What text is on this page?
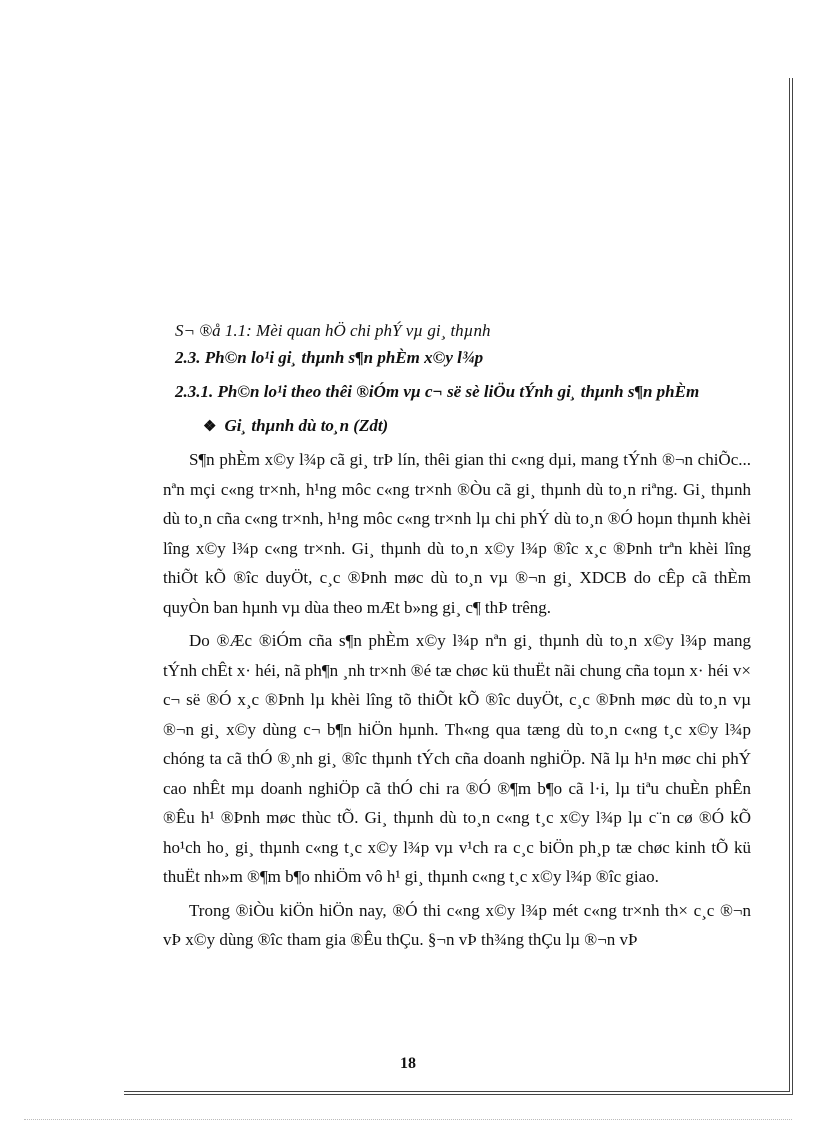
S¬ ®å 1.1: Mèi quan hÖ chi phÝ vµ gi¸ thµnh

2.3. Ph©n lo¹i gi¸ thµnh s¶n phÈm x©y l¾p

2.3.1. Ph©n lo¹i theo thêi ®iÓm vµ c¬ së sè liÖu tÝnh gi¸ thµnh s¶n phÈm

❖ Gi¸ thµnh dù to¸n (Zdt)

S¶n phÈm x©y l¾p cã gi¸ trÞ lín, thêi gian thi c«ng dµi, mang tÝnh ®¬n chiÕc... nªn mçi c«ng tr×nh, h¹ng môc c«ng tr×nh ®Òu cã gi¸ thµnh dù to¸n riªng. Gi¸ thµnh dù to¸n cña c«ng tr×nh, h¹ng môc c«ng tr×nh lµ chi phÝ dù to¸n ®Ó hoµn thµnh khèi lîng x©y l¾p c«ng tr×nh. Gi¸ thµnh dù to¸n x©y l¾p ®îc x¸c ®Þnh trªn khèi lîng thiÕt kÕ ®îc duyÖt, c¸c ®Þnh møc dù to¸n vµ ®¬n gi¸ XDCB do cÊp cã thÈm quyÒn ban hµnh vµ dùa theo mÆt b»ng gi¸ c¶ thÞ trêng.

Do ®Æc ®iÓm cña s¶n phÈm x©y l¾p nªn gi¸ thµnh dù to¸n x©y l¾p mang tÝnh chÊt x· héi, nã ph¶n ¸nh tr×nh ®é tæ chøc kü thuËt nãi chung cña toµn x· héi v× c¬ së ®Ó x¸c ®Þnh lµ khèi lîng tõ thiÕt kÕ ®îc duyÖt, c¸c ®Þnh møc dù to¸n vµ ®¬n gi¸ x©y dùng c¬ b¶n hiÖn hµnh. Th«ng qua tæng dù to¸n c«ng t¸c x©y l¾p chóng ta cã thÓ ®¸nh gi¸ ®îc thµnh tÝch cña doanh nghiÖp. Nã lµ h¹n møc chi phÝ cao nhÊt mµ doanh nghiÖp cã thÓ chi ra ®Ó ®¶m b¶o cã l·i, lµ tiªu chuÈn phÊn ®Êu h¹ ®Þnh møc thùc tÕ. Gi¸ thµnh dù to¸n c«ng t¸c x©y l¾p lµ c¨n cø ®Ó kÕ ho¹ch ho¸ gi¸ thµnh c«ng t¸c x©y l¾p vµ v¹ch ra c¸c biÖn ph¸p tæ chøc kinh tÕ kü thuËt nh»m ®¶m b¶o nhiÖm vô h¹ gi¸ thµnh c«ng t¸c x©y l¾p ®îc giao.

Trong ®iÒu kiÖn hiÖn nay, ®Ó thi c«ng x©y l¾p mét c«ng tr×nh th× c¸c ®¬n vÞ x©y dùng ®îc tham gia ®Êu thÇu. §¬n vÞ th¾ng thÇu lµ ®¬n vÞ

18
